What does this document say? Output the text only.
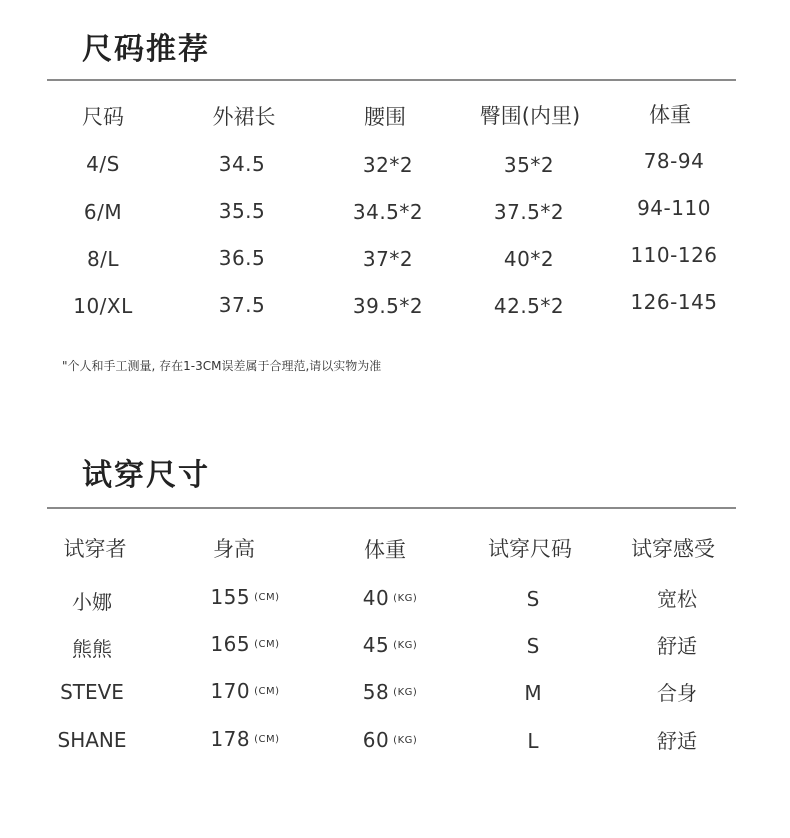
尺码推荐
尺码	外裙长	腰围	臀围(内里)	体重
4/S	34.5	32*2	35*2	78-94
6/M	35.5	34.5*2	37.5*2	94-110
8/L	36.5	37*2	40*2	110-126
10/XL	37.5	39.5*2	42.5*2	126-145
"个人和手工测量, 存在1-3CM误差属于合理范,请以实物为准
试穿尺寸
试穿者	身高	体重	试穿尺码	试穿感受
小娜	155 $^{(CM)}$	40 $^{(KG)}$	S	宽松
熊熊	165 $^{(CM)}$	45 $^{(KG)}$	S	舒适
STEVE	170 $^{(CM)}$	58 $^{(KG)}$	M	合身
SHANE	178 $^{(CM)}$	60 $^{(KG)}$	L	舒适
